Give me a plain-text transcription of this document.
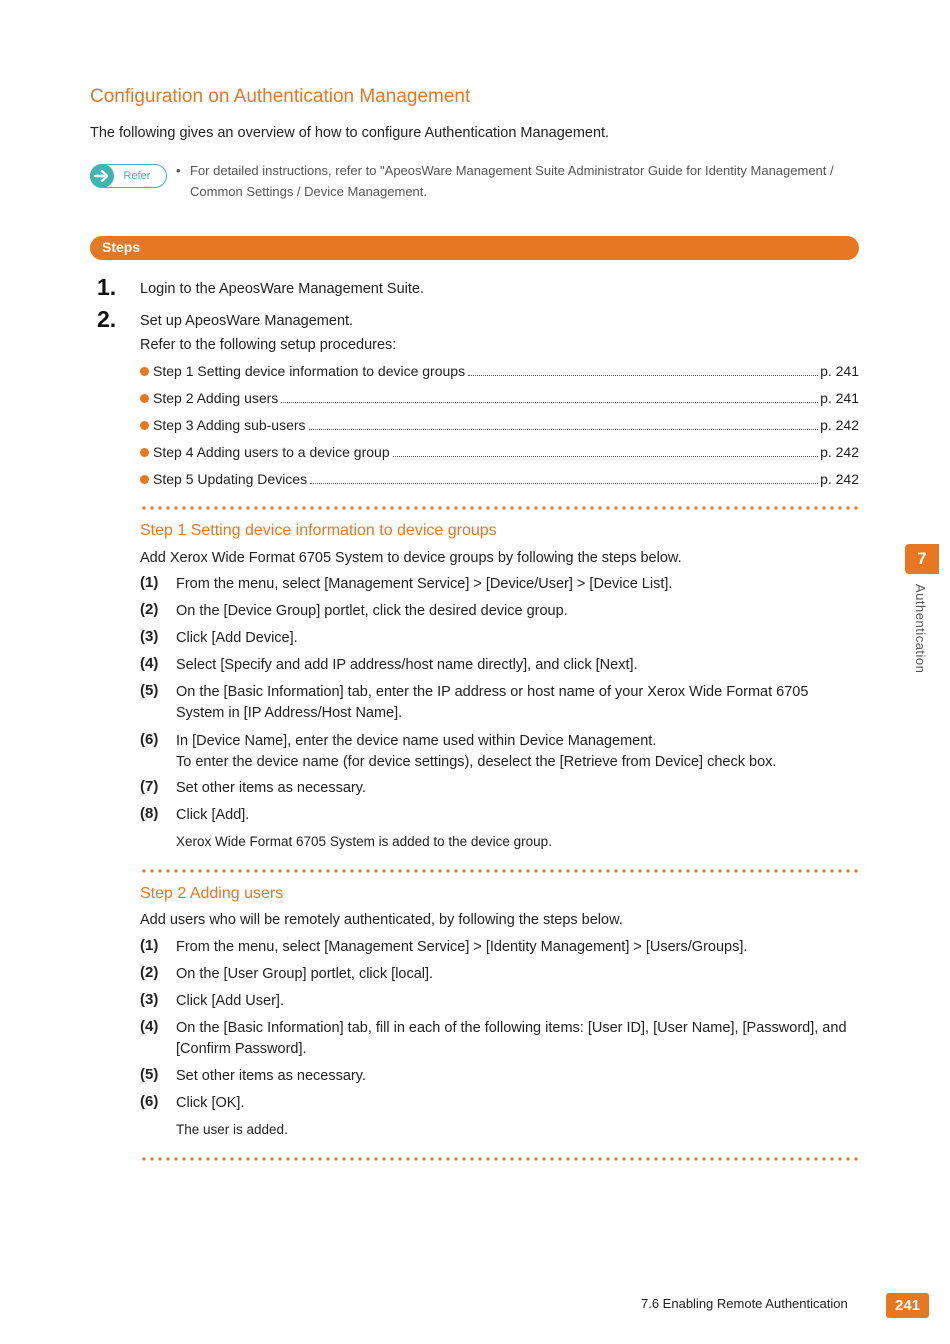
Configuration on Authentication Management
The following gives an overview of how to configure Authentication Management.
Refer • For detailed instructions, refer to "ApeosWare Management Suite Administrator Guide for Identity Management / Common Settings / Device Management.
Steps
1. Login to the ApeosWare Management Suite.
2. Set up ApeosWare Management.
Refer to the following setup procedures:
Step 1 Setting device information to device groups	p. 241
Step 2 Adding users	p. 241
Step 3 Adding sub-users	p. 242
Step 4 Adding users to a device group	p. 242
Step 5 Updating Devices	p. 242
Step 1 Setting device information to device groups
Add Xerox Wide Format 6705 System to device groups by following the steps below.
(1) From the menu, select [Management Service] > [Device/User] > [Device List].
(2) On the [Device Group] portlet, click the desired device group.
(3) Click [Add Device].
(4) Select [Specify and add IP address/host name directly], and click [Next].
(5) On the [Basic Information] tab, enter the IP address or host name of your Xerox Wide Format 6705 System in [IP Address/Host Name].
(6) In [Device Name], enter the device name used within Device Management.
To enter the device name (for device settings), deselect the [Retrieve from Device] check box.
(7) Set other items as necessary.
(8) Click [Add].
Xerox Wide Format 6705 System is added to the device group.
Step 2 Adding users
Add users who will be remotely authenticated, by following the steps below.
(1) From the menu, select [Management Service] > [Identity Management] > [Users/Groups].
(2) On the [User Group] portlet, click [local].
(3) Click [Add User].
(4) On the [Basic Information] tab, fill in each of the following items: [User ID], [User Name], [Password], and [Confirm Password].
(5) Set other items as necessary.
(6) Click [OK].
The user is added.
7
Authentication
7.6 Enabling Remote Authentication	241
